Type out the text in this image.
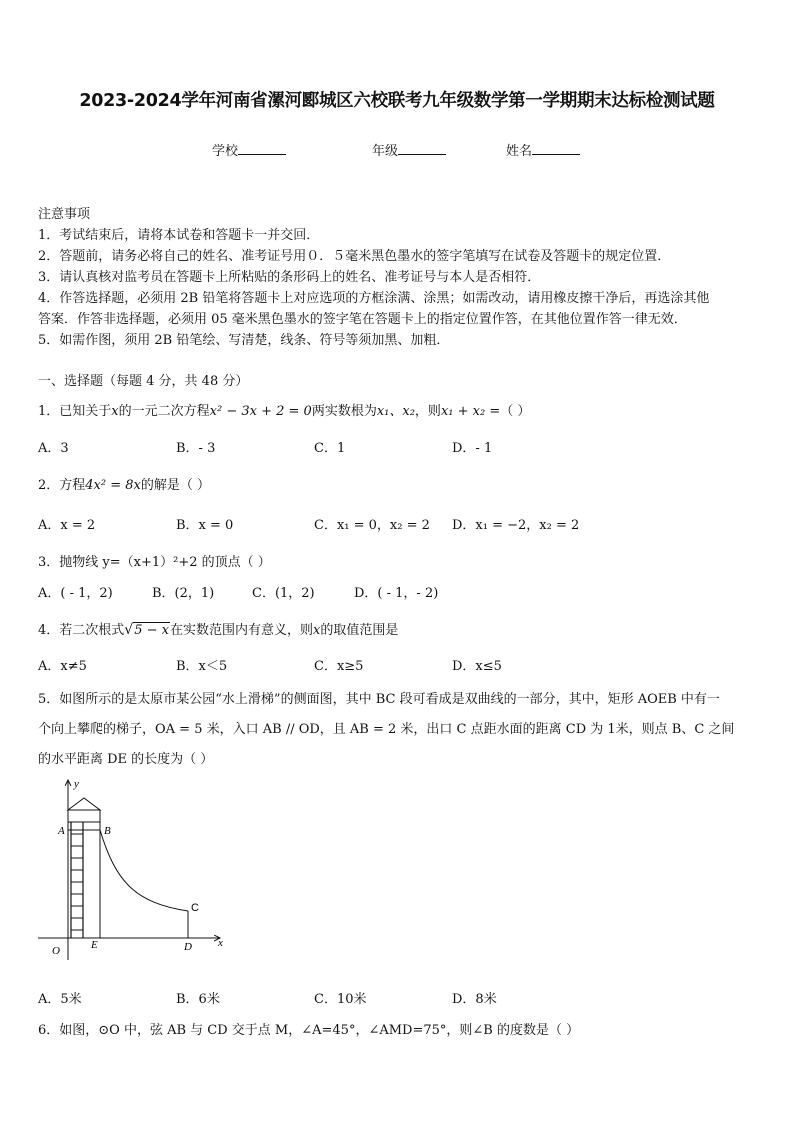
2023-2024学年河南省漯河郾城区六校联考九年级数学第一学期期末达标检测试题
学校	年级	姓名
注意事项
1．考试结束后，请将本试卷和答题卡一并交回．
2．答题前，请务必将自己的姓名、准考证号用０．５毫米黑色墨水的签字笔填写在试卷及答题卡的规定位置．
3．请认真核对监考员在答题卡上所粘贴的条形码上的姓名、准考证号与本人是否相符．
4．作答选择题，必须用 2B 铅笔将答题卡上对应选项的方框涂满、涂黑；如需改动，请用橡皮擦干净后，再选涂其他
答案．作答非选择题，必须用 05 毫米黑色墨水的签字笔在答题卡上的指定位置作答，在其他位置作答一律无效．
5．如需作图，须用 2B 铅笔绘、写清楚，线条、符号等须加黑、加粗．
一、选择题（每题 4 分，共 48 分）
1．已知关于x的一元二次方程x² − 3x + 2 = 0两实数根为x₁、x₂，则x₁ + x₂ =（ ）
A．3	B．- 3	C．1	D．- 1
2．方程4x² = 8x的解是（ ）
A．x = 2	B．x = 0	C．x₁ = 0，x₂ = 2 D．x₁ = −2，x₂ = 2
3．抛物线 y=（x+1）²+2 的顶点（ ）
A．( - 1，2)	B．(2，1)	C．(1，2)	D．( - 1，- 2)
4．若二次根式√5 − x在实数范围内有意义，则x的取值范围是
A．x≠5	B．x＜5	C．x≥5	D．x≤5
5．如图所示的是太原市某公园“水上滑梯”的侧面图，其中 BC 段可看成是双曲线的一部分，其中，矩形 AOEB 中有一
个向上攀爬的梯子，OA = 5 米，入口 AB // OD，且 AB = 2 米，出口 C 点距水面的距离 CD 为 1米，则点 B、C 之间
的水平距离 DE 的长度为（ ）
y
x
A	B
C
O	E	D
A．5米	B．6米	C．10米	D．8米
6．如图，⊙O 中，弦 AB 与 CD 交于点 M，∠A=45°，∠AMD=75°，则∠B 的度数是（ ）
